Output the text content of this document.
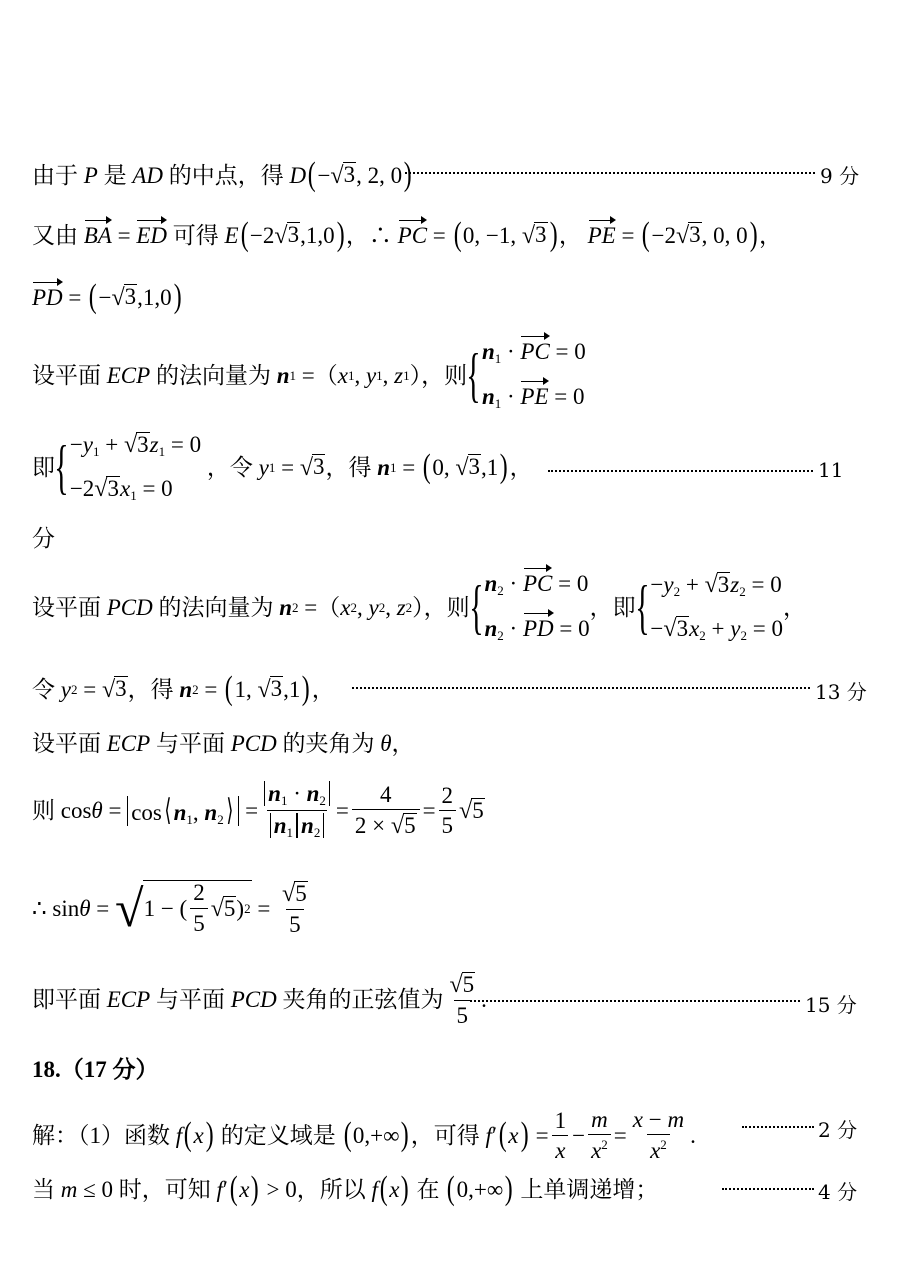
由于 P 是 AD 的中点，得 D ( − √ 3 , 2, 0 )	9 分
又由 BA = ED 可得 E ( −2 √ 3 ,1,0 ) ，∴ PC = ( 0, −1, √ 3 ) ， PE = ( −2 √ 3 , 0, 0 ) ，
PD = ( − √ 3 ,1,0 )
设平面 ECP 的法向量为 n 1 =（ x 1 , y 1 , z 1 ），则 { $n_1$ · PC = 0
$n_1$ · PE = 0
即 { $-y_1$ + √ 3 $z_1 = 0$
−2 √ 3 $x_1 = 0$
，令 y 1 = √ 3 ，得 n 1 = ( 0, √ 3 ,1 ) ，	11
分
设平面 PCD 的法向量为 n 2 =（ x 2 , y 2 , z 2 ），则 { $n_2$ · PC = 0
$n_2$ · PD = 0
，即 { $-y_2$ + √ 3 $z_2 = 0$
− √ 3 $x_2 + y_2 = 0$
，
令 y 2 = √ 3 ，得 n 2 = ( 1, √ 3 ,1 ) ，	13 分
设平面 ECP 与平面 PCD 的夹角为 θ ，
则 cos θ = cos⟨ $n_1$, $n_2⟩ = \frac{n_1 \cdot n_2}{n_1 n_2} = \frac{4}{2 \times √ 5} = \frac{2}{5}$ √ 5
∴ sin θ = √ 1 − ( $\frac{2}{5}$ √ 5 ) $2 = \frac{√ 5}{5}$
即平面 ECP 与平面 PCD 夹角的正弦值为 $\frac{√ 5}{5}$ .	15 分
18.（17 分）
解：（1）函数 f ( x ) 的定义域是 ( 0,+∞ ) ，可得 f ′ ( x ) = $\frac{1}{x} - \frac{m}{x^2} = \frac{x - m}{x^2}$ .	2 分
当 m ≤ 0 时，可知 f ′ ( x ) > 0，所以 f ( x ) 在 ( 0,+∞ ) 上单调递增；	4 分
